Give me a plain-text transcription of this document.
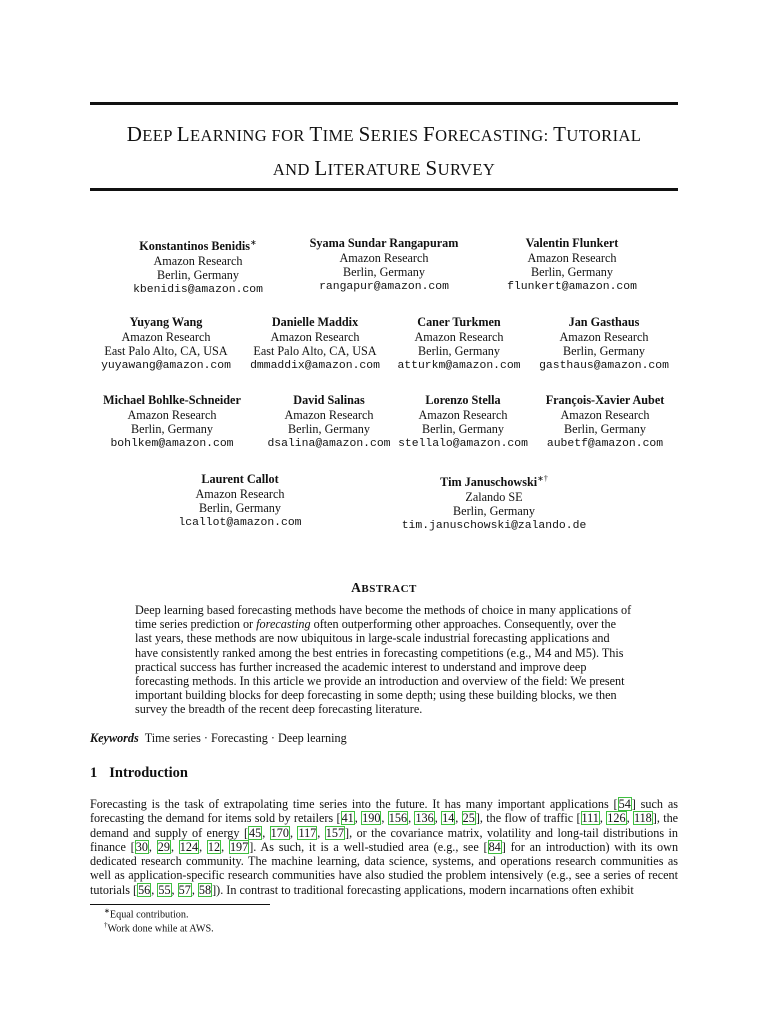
DEEP LEARNING FOR TIME SERIES FORECASTING: TUTORIAL
AND LITERATURE SURVEY
Konstantinos Benidis∗
Amazon Research
Berlin, Germany
kbenidis@amazon.com
Syama Sundar Rangapuram
Amazon Research
Berlin, Germany
rangapur@amazon.com
Valentin Flunkert
Amazon Research
Berlin, Germany
flunkert@amazon.com
Yuyang Wang
Amazon Research
East Palo Alto, CA, USA
yuyawang@amazon.com
Danielle Maddix
Amazon Research
East Palo Alto, CA, USA
dmmaddix@amazon.com
Caner Turkmen
Amazon Research
Berlin, Germany
atturkm@amazon.com
Jan Gasthaus
Amazon Research
Berlin, Germany
gasthaus@amazon.com
Michael Bohlke-Schneider
Amazon Research
Berlin, Germany
bohlkem@amazon.com
David Salinas
Amazon Research
Berlin, Germany
dsalina@amazon.com
Lorenzo Stella
Amazon Research
Berlin, Germany
stellalo@amazon.com
François-Xavier Aubet
Amazon Research
Berlin, Germany
aubetf@amazon.com
Laurent Callot
Amazon Research
Berlin, Germany
lcallot@amazon.com
Tim Januschowski∗†
Zalando SE
Berlin, Germany
tim.januschowski@zalando.de
ABSTRACT
Deep learning based forecasting methods have become the methods of choice in many applications of time series prediction or forecasting often outperforming other approaches. Consequently, over the last years, these methods are now ubiquitous in large-scale industrial forecasting applications and have consistently ranked among the best entries in forecasting competitions (e.g., M4 and M5). This practical success has further increased the academic interest to understand and improve deep forecasting methods. In this article we provide an introduction and overview of the field: We present important building blocks for deep forecasting in some depth; using these building blocks, we then survey the breadth of the recent deep forecasting literature.
Keywords Time series · Forecasting · Deep learning
1 Introduction
Forecasting is the task of extrapolating time series into the future. It has many important applications [54] such as forecasting the demand for items sold by retailers [41, 190, 156, 136, 14, 25], the flow of traffic [111, 126, 118], the demand and supply of energy [45, 170, 117, 157], or the covariance matrix, volatility and long-tail distributions in finance [30, 29, 124, 12, 197]. As such, it is a well-studied area (e.g., see [84] for an introduction) with its own dedicated research community. The machine learning, data science, systems, and operations research communities as well as application-specific research communities have also studied the problem intensively (e.g., see a series of recent tutorials [56, 55, 57, 58]). In contrast to traditional forecasting applications, modern incarnations often exhibit
∗Equal contribution.
†Work done while at AWS.
